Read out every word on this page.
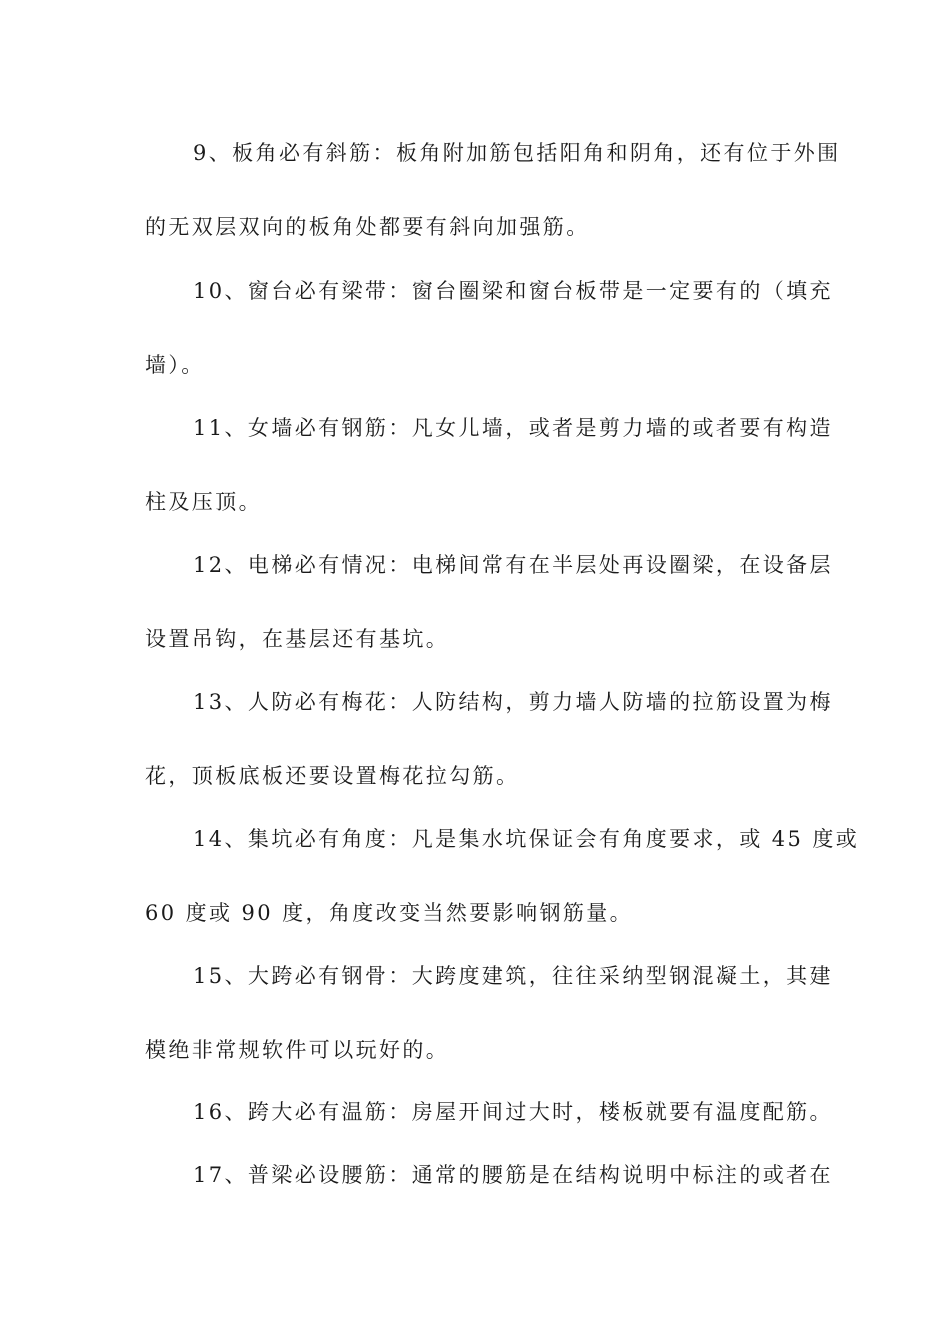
9、板角必有斜筋：板角附加筋包括阳角和阴角，还有位于外围
的无双层双向的板角处都要有斜向加强筋。
10、窗台必有梁带：窗台圈梁和窗台板带是一定要有的（填充
墙）。
11、女墙必有钢筋：凡女儿墙，或者是剪力墙的或者要有构造
柱及压顶。
12、电梯必有情况：电梯间常有在半层处再设圈梁，在设备层
设置吊钩，在基层还有基坑。
13、人防必有梅花：人防结构，剪力墙人防墙的拉筋设置为梅
花，顶板底板还要设置梅花拉勾筋。
14、集坑必有角度：凡是集水坑保证会有角度要求，或 45 度或
60 度或 90 度，角度改变当然要影响钢筋量。
15、大跨必有钢骨：大跨度建筑，往往采纳型钢混凝土，其建
模绝非常规软件可以玩好的。
16、跨大必有温筋：房屋开间过大时，楼板就要有温度配筋。
17、普梁必设腰筋：通常的腰筋是在结构说明中标注的或者在
